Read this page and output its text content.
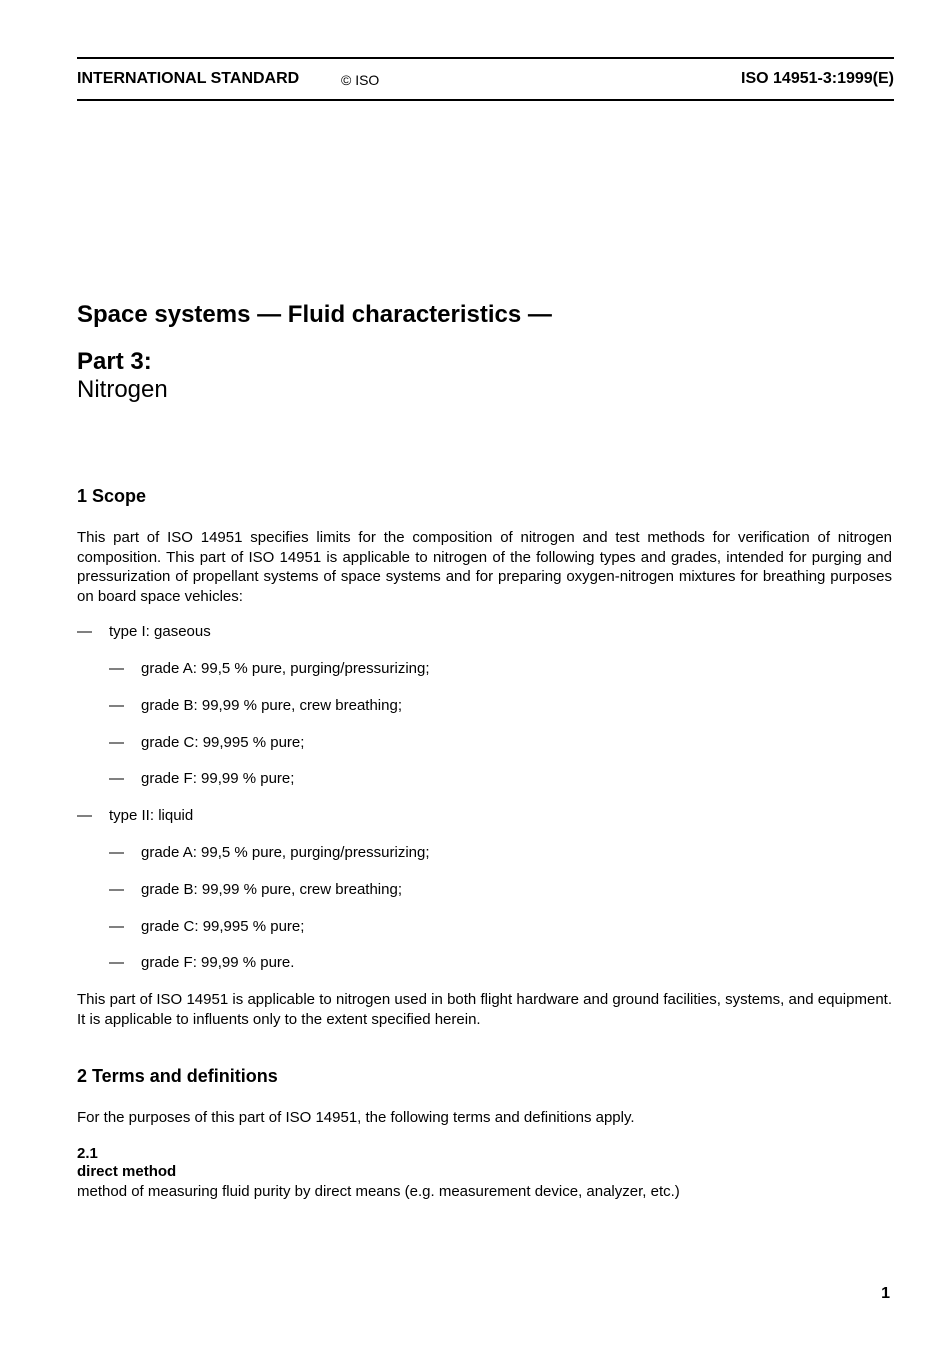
INTERNATIONAL STANDARD	© ISO	ISO 14951-3:1999(E)
Space systems — Fluid characteristics —
Part 3:
Nitrogen
1 Scope
This part of ISO 14951 specifies limits for the composition of nitrogen and test methods for verification of nitrogen composition. This part of ISO 14951 is applicable to nitrogen of the following types and grades, intended for purging and pressurization of propellant systems of space systems and for preparing oxygen-nitrogen mixtures for breathing purposes on board space vehicles:
— type I: gaseous
— grade A: 99,5 % pure, purging/pressurizing;
— grade B: 99,99 % pure, crew breathing;
— grade C: 99,995 % pure;
— grade F: 99,99 % pure;
— type II: liquid
— grade A: 99,5 % pure, purging/pressurizing;
— grade B: 99,99 % pure, crew breathing;
— grade C: 99,995 % pure;
— grade F: 99,99 % pure.
This part of ISO 14951 is applicable to nitrogen used in both flight hardware and ground facilities, systems, and equipment. It is applicable to influents only to the extent specified herein.
2 Terms and definitions
For the purposes of this part of ISO 14951, the following terms and definitions apply.
2.1
direct method
method of measuring fluid purity by direct means (e.g. measurement device, analyzer, etc.)
1
